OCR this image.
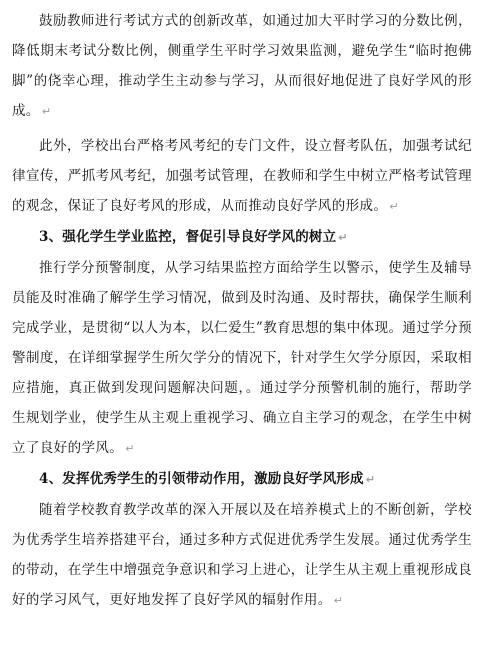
鼓励教师进行考试方式的创新改革，如通过加大平时学习的分数比例，降低期末考试分数比例，侧重学生平时学习效果监测，避免学生“临时抱佛脚”的侥幸心理，推动学生主动参与学习，从而很好地促进了良好学风的形成。 ↵

此外，学校出台严格考风考纪的专门文件，设立督考队伍，加强考试纪律宣传，严抓考风考纪，加强考试管理，在教师和学生中树立严格考试管理的观念，保证了良好考风的形成，从而推动良好学风的形成。 ↵

3、强化学生学业监控，督促引导良好学风的树立 ↵

推行学分预警制度，从学习结果监控方面给学生以警示，使学生及辅导员能及时准确了解学生学习情况，做到及时沟通、及时帮扶，确保学生顺利完成学业，是贯彻“以人为本，以仁爱生”教育思想的集中体现。通过学分预警制度，在详细掌握学生所欠学分的情况下，针对学生欠学分原因，采取相应措施，真正做到发现问题解决问题，。通过学分预警机制的施行，帮助学生规划学业，使学生从主观上重视学习、确立自主学习的观念，在学生中树立了良好的学风。 ↵

4、发挥优秀学生的引领带动作用，激励良好学风形成 ↵

随着学校教育教学改革的深入开展以及在培养模式上的不断创新，学校为优秀学生培养搭建平台，通过多种方式促进优秀学生发展。通过优秀学生的带动，在学生中增强竞争意识和学习上进心，让学生从主观上重视形成良好的学习风气，更好地发挥了良好学风的辐射作用。 ↵
